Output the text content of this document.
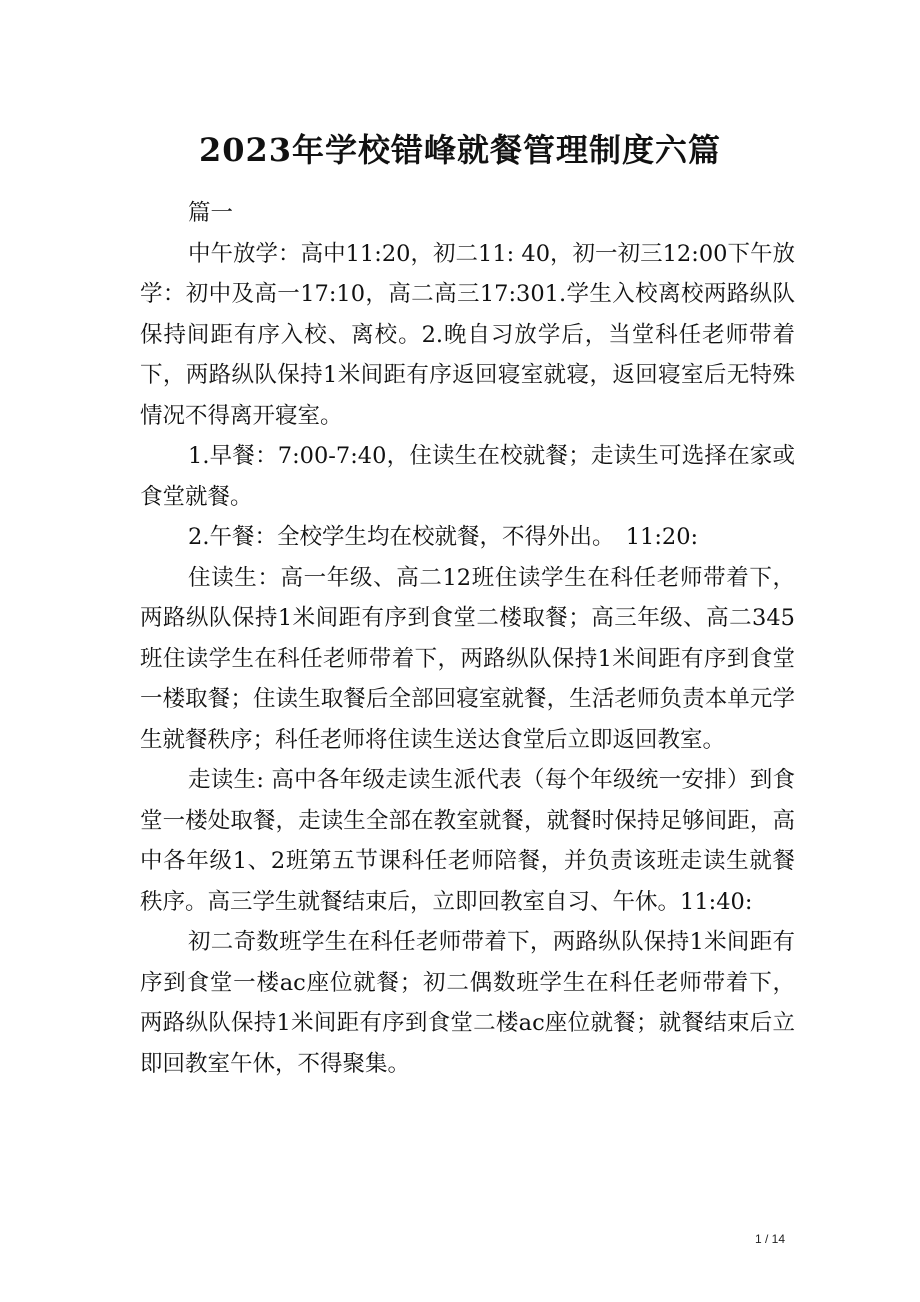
2023年学校错峰就餐管理制度六篇

篇一

中午放学：高中11:20，初二11: 40，初一初三12:00下午放学：初中及高一17:10，高二高三17:301.学生入校离校两路纵队保持间距有序入校、离校。2.晚自习放学后，当堂科任老师带着下，两路纵队保持1米间距有序返回寝室就寝，返回寝室后无特殊情况不得离开寝室。

1.早餐：7:00-7:40，住读生在校就餐；走读生可选择在家或食堂就餐。

2.午餐：全校学生均在校就餐，不得外出。　11:20:

住读生：高一年级、高二12班住读学生在科任老师带着下，两路纵队保持1米间距有序到食堂二楼取餐；高三年级、高二345班住读学生在科任老师带着下，两路纵队保持1米间距有序到食堂一楼取餐；住读生取餐后全部回寝室就餐，生活老师负责本单元学生就餐秩序；科任老师将住读生送达食堂后立即返回教室。

走读生: 高中各年级走读生派代表（每个年级统一安排）到食堂一楼处取餐，走读生全部在教室就餐，就餐时保持足够间距，高中各年级1、2班第五节课科任老师陪餐，并负责该班走读生就餐秩序。高三学生就餐结束后，立即回教室自习、午休。11:40:

初二奇数班学生在科任老师带着下，两路纵队保持1米间距有序到食堂一楼ac座位就餐；初二偶数班学生在科任老师带着下，两路纵队保持1米间距有序到食堂二楼ac座位就餐；就餐结束后立即回教室午休，不得聚集。

1 / 14
